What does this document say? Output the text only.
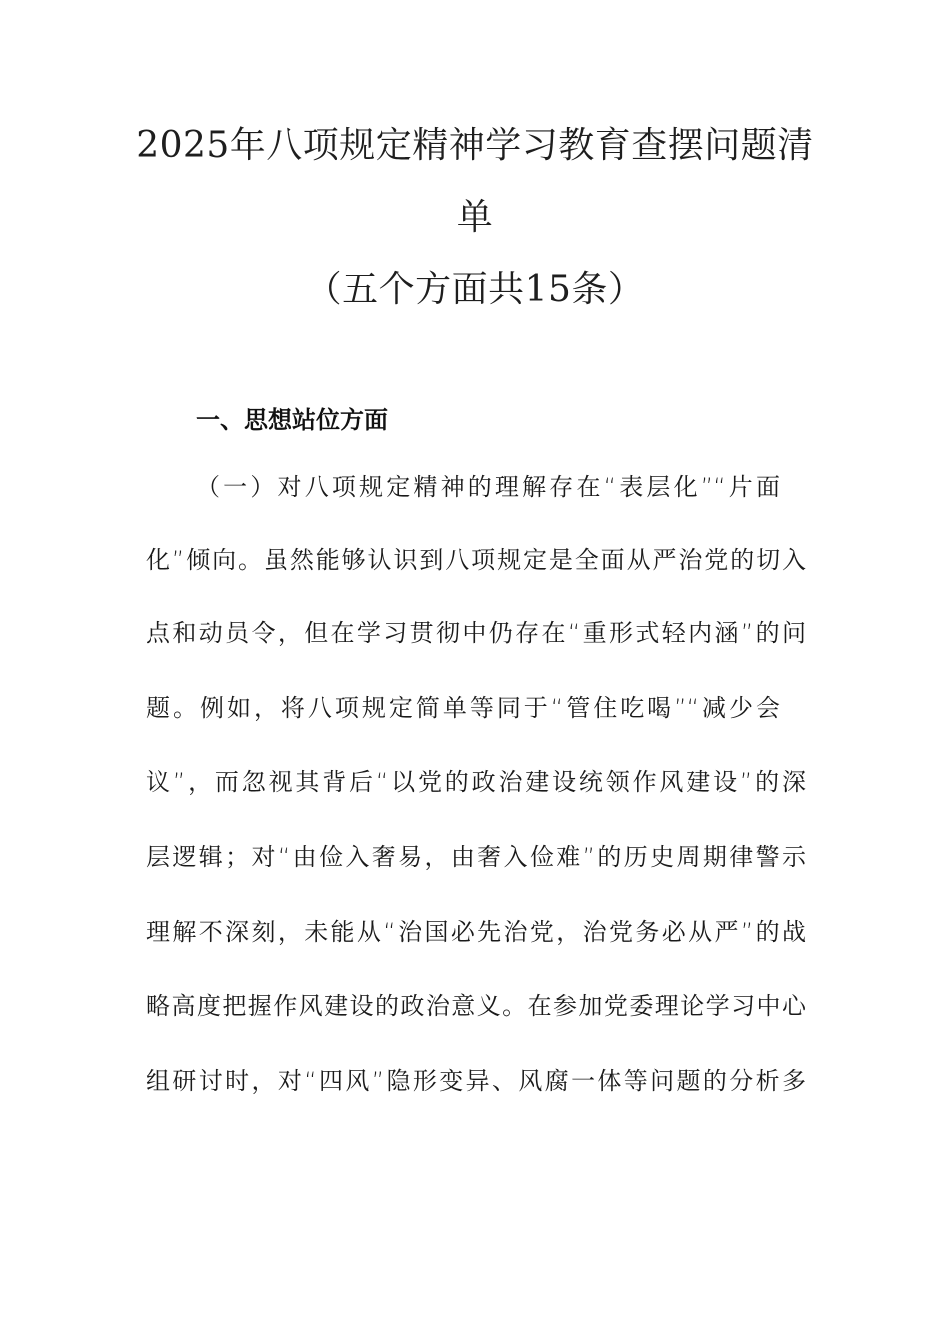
2025年八项规定精神学习教育查摆问题清
单
（五个方面共15条）
一、思想站位方面
（一）对八项规定精神的理解存在“表层化”“片面
化”倾向。虽然能够认识到八项规定是全面从严治党的切入
点和动员令，但在学习贯彻中仍存在“重形式轻内涵”的问
题。例如，将八项规定简单等同于“管住吃喝”“减少会
议”，而忽视其背后“以党的政治建设统领作风建设”的深
层逻辑；对“由俭入奢易，由奢入俭难”的历史周期律警示
理解不深刻，未能从“治国必先治党，治党务必从严”的战
略高度把握作风建设的政治意义。在参加党委理论学习中心
组研讨时，对“四风”隐形变异、风腐一体等问题的分析多
